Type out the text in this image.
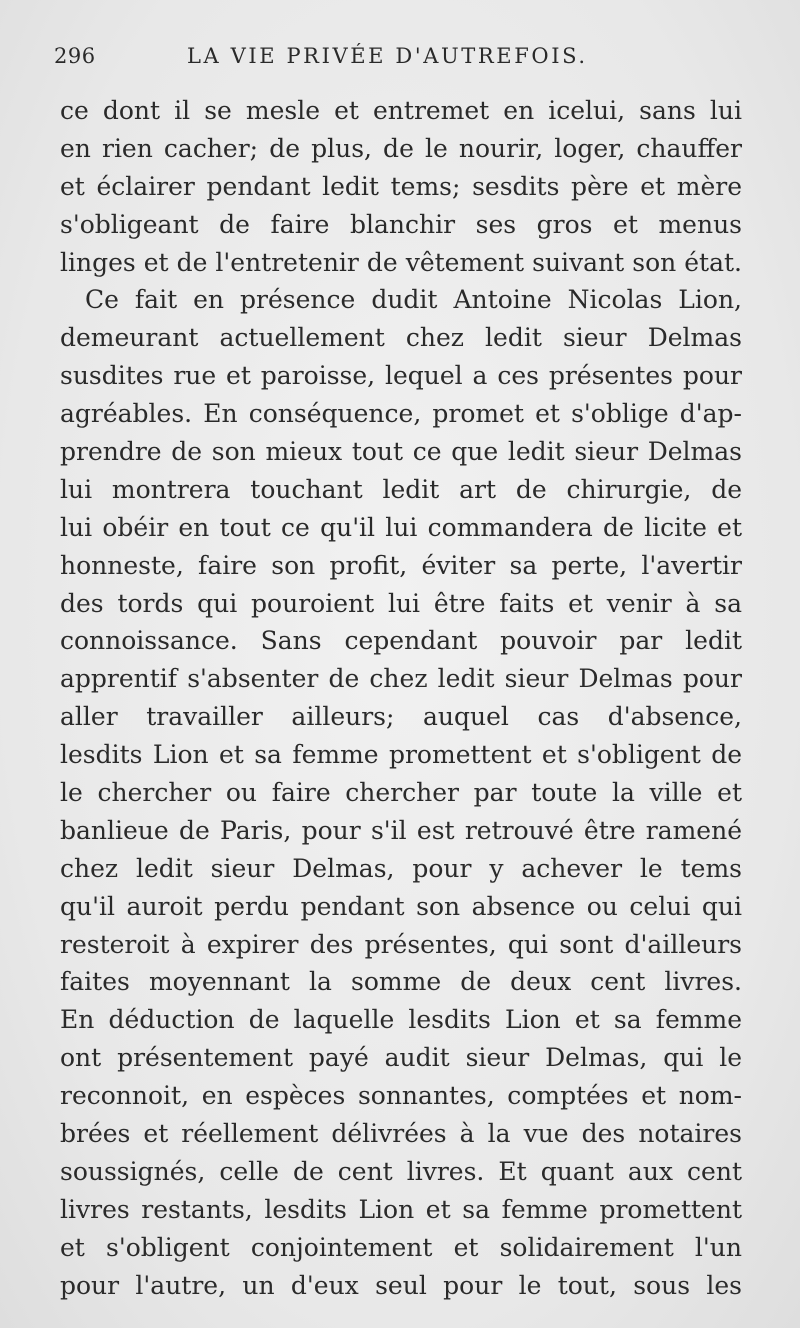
296	LA VIE PRIVÉE D'AUTREFOIS.
ce dont il se mesle et entremet en icelui, sans lui
en rien cacher; de plus, de le nourir, loger, chauffer
et éclairer pendant ledit tems; sesdits père et mère
s'obligeant de faire blanchir ses gros et menus
linges et de l'entretenir de vêtement suivant son état.
Ce fait en présence dudit Antoine Nicolas Lion,
demeurant actuellement chez ledit sieur Delmas
susdites rue et paroisse, lequel a ces présentes pour
agréables. En conséquence, promet et s'oblige d'ap-
prendre de son mieux tout ce que ledit sieur Delmas
lui montrera touchant ledit art de chirurgie, de
lui obéir en tout ce qu'il lui commandera de licite et
honneste, faire son profit, éviter sa perte, l'avertir
des tords qui pouroient lui être faits et venir à sa
connoissance. Sans cependant pouvoir par ledit
apprentif s'absenter de chez ledit sieur Delmas pour
aller travailler ailleurs; auquel cas d'absence,
lesdits Lion et sa femme promettent et s'obligent de
le chercher ou faire chercher par toute la ville et
banlieue de Paris, pour s'il est retrouvé être ramené
chez ledit sieur Delmas, pour y achever le tems
qu'il auroit perdu pendant son absence ou celui qui
resteroit à expirer des présentes, qui sont d'ailleurs
faites moyennant la somme de deux cent livres.
En déduction de laquelle lesdits Lion et sa femme
ont présentement payé audit sieur Delmas, qui le
reconnoit, en espèces sonnantes, comptées et nom-
brées et réellement délivrées à la vue des notaires
soussignés, celle de cent livres. Et quant aux cent
livres restants, lesdits Lion et sa femme promettent
et s'obligent conjointement et solidairement l'un
pour l'autre, un d'eux seul pour le tout, sous les
